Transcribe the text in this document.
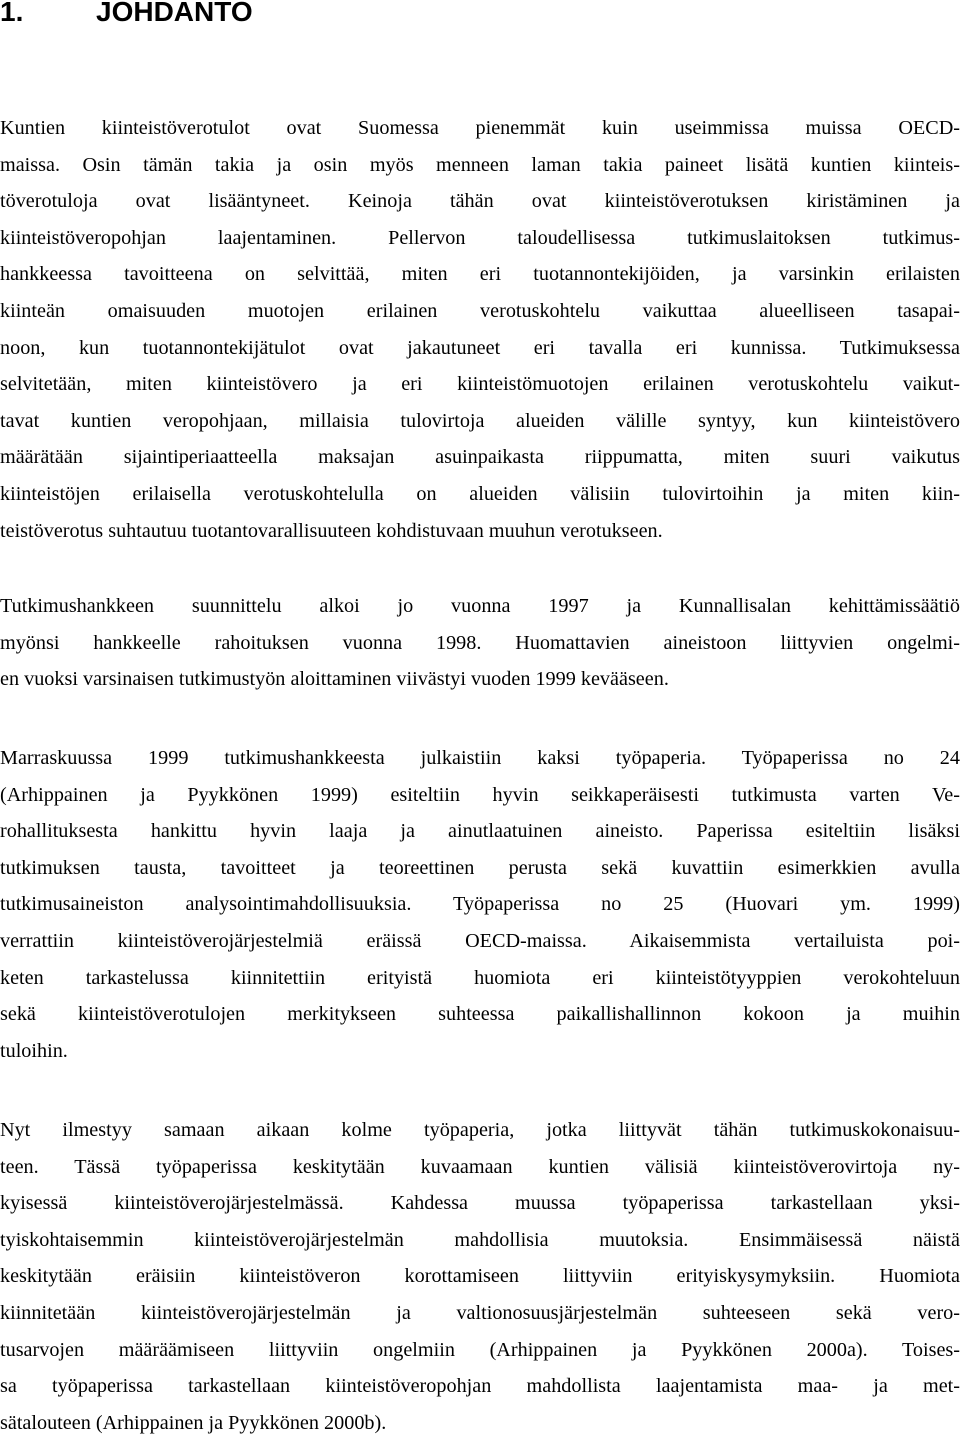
1.	JOHDANTO
Kuntien kiinteistöverotulot ovat Suomessa pienemmät kuin useimmissa muissa OECD-
maissa. Osin tämän takia ja osin myös menneen laman takia paineet lisätä kuntien kiinteis-
töverotuloja ovat lisääntyneet. Keinoja tähän ovat kiinteistöverotuksen kiristäminen ja
kiinteistöveropohjan laajentaminen. Pellervon taloudellisessa tutkimuslaitoksen tutkimus-
hankkeessa tavoitteena on selvittää, miten eri tuotannontekijöiden, ja varsinkin erilaisten
kiinteän omaisuuden muotojen erilainen verotuskohtelu vaikuttaa alueelliseen tasapai-
noon, kun tuotannontekijätulot ovat jakautuneet eri tavalla eri kunnissa. Tutkimuksessa
selvitetään, miten kiinteistövero ja eri kiinteistömuotojen erilainen verotuskohtelu vaikut-
tavat kuntien veropohjaan, millaisia tulovirtoja alueiden välille syntyy, kun kiinteistövero
määrätään sijaintiperiaatteella maksajan asuinpaikasta riippumatta, miten suuri vaikutus
kiinteistöjen erilaisella verotuskohtelulla on alueiden välisiin tulovirtoihin ja miten kiin-
teistöverotus suhtautuu tuotantovarallisuuteen kohdistuvaan muuhun verotukseen.
Tutkimushankkeen suunnittelu alkoi jo vuonna 1997 ja Kunnallisalan kehittämissäätiö
myönsi hankkeelle rahoituksen vuonna 1998. Huomattavien aineistoon liittyvien ongelmi-
en vuoksi varsinaisen tutkimustyön aloittaminen viivästyi vuoden 1999 kevääseen.
Marraskuussa 1999 tutkimushankkeesta julkaistiin kaksi työpaperia. Työpaperissa no 24
(Arhippainen ja Pyykkönen 1999) esiteltiin hyvin seikkaperäisesti tutkimusta varten Ve-
rohallituksesta hankittu hyvin laaja ja ainutlaatuinen aineisto. Paperissa esiteltiin lisäksi
tutkimuksen tausta, tavoitteet ja teoreettinen perusta sekä kuvattiin esimerkkien avulla
tutkimusaineiston analysointimahdollisuuksia. Työpaperissa no 25 (Huovari ym. 1999)
verrattiin kiinteistöverojärjestelmiä eräissä OECD-maissa. Aikaisemmista vertailuista poi-
keten tarkastelussa kiinnitettiin erityistä huomiota eri kiinteistötyyppien verokohteluun
sekä kiinteistöverotulojen merkitykseen suhteessa paikallishallinnon kokoon ja muihin
tuloihin.
Nyt ilmestyy samaan aikaan kolme työpaperia, jotka liittyvät tähän tutkimuskokonaisuu-
teen. Tässä työpaperissa keskitytään kuvaamaan kuntien välisiä kiinteistöverovirtoja ny-
kyisessä kiinteistöverojärjestelmässä. Kahdessa muussa työpaperissa tarkastellaan yksi-
tyiskohtaisemmin kiinteistöverojärjestelmän mahdollisia muutoksia. Ensimmäisessä näistä
keskitytään eräisiin kiinteistöveron korottamiseen liittyviin erityiskysymyksiin. Huomiota
kiinnitetään kiinteistöverojärjestelmän ja valtionosuusjärjestelmän suhteeseen sekä vero-
tusarvojen määräämiseen liittyviin ongelmiin (Arhippainen ja Pyykkönen 2000a). Toises-
sa työpaperissa tarkastellaan kiinteistöveropohjan mahdollista laajentamista maa- ja met-
sätalouteen (Arhippainen ja Pyykkönen 2000b).
